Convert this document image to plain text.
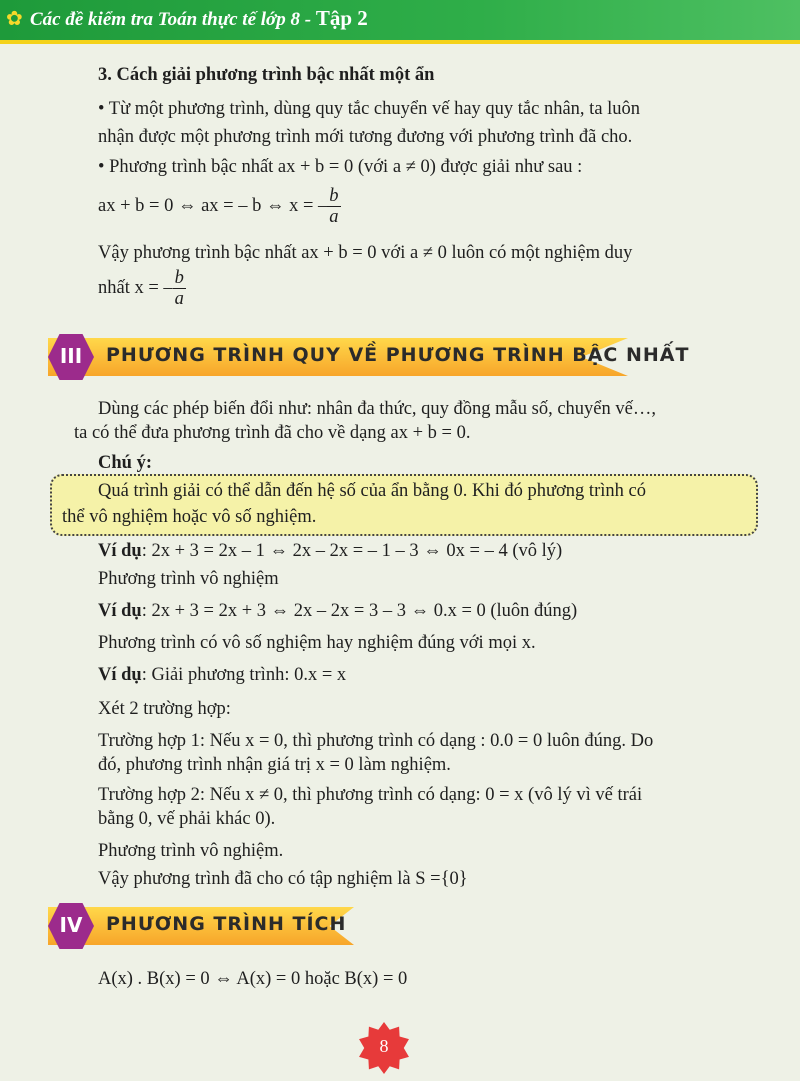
✿ Các đề kiểm tra Toán thực tế lớp 8 - Tập 2
3. Cách giải phương trình bậc nhất một ẩn
• Từ một phương trình, dùng quy tắc chuyển vế hay quy tắc nhân, ta luôn
nhận được một phương trình mới tương đương với phương trình đã cho.
• Phương trình bậc nhất ax + b = 0 (với a ≠ 0) được giải như sau :
ax + b = 0 ⇔ ax = – b ⇔ x = – $\frac{b}{a}$
Vậy phương trình bậc nhất ax + b = 0 với a ≠ 0 luôn có một nghiệm duy
nhất x = – $\frac{b}{a}$
III	PHƯƠNG TRÌNH QUY VỀ PHƯƠNG TRÌNH BẬC NHẤT
Dùng các phép biến đổi như: nhân đa thức, quy đồng mẫu số, chuyển vế…,
ta có thể đưa phương trình đã cho về dạng ax + b = 0.
Chú ý:
Quá trình giải có thể dẫn đến hệ số của ẩn bằng 0. Khi đó phương trình có
thể vô nghiệm hoặc vô số nghiệm.
Ví dụ: 2x + 3 = 2x – 1 ⇔ 2x – 2x = – 1 – 3 ⇔ 0x = – 4 (vô lý)
Phương trình vô nghiệm
Ví dụ: 2x + 3 = 2x + 3 ⇔ 2x – 2x = 3 – 3 ⇔ 0.x = 0 (luôn đúng)
Phương trình có vô số nghiệm hay nghiệm đúng với mọi x.
Ví dụ: Giải phương trình: 0.x = x
Xét 2 trường hợp:
Trường hợp 1: Nếu x = 0, thì phương trình có dạng : 0.0 = 0 luôn đúng. Do
đó, phương trình nhận giá trị x = 0 làm nghiệm.
Trường hợp 2: Nếu x ≠ 0, thì phương trình có dạng: 0 = x (vô lý vì vế trái
bằng 0, vế phải khác 0).
Phương trình vô nghiệm.
Vậy phương trình đã cho có tập nghiệm là S ={0}
IV	PHƯƠNG TRÌNH TÍCH
A(x) . B(x) = 0 ⇔ A(x) = 0 hoặc B(x) = 0
8
